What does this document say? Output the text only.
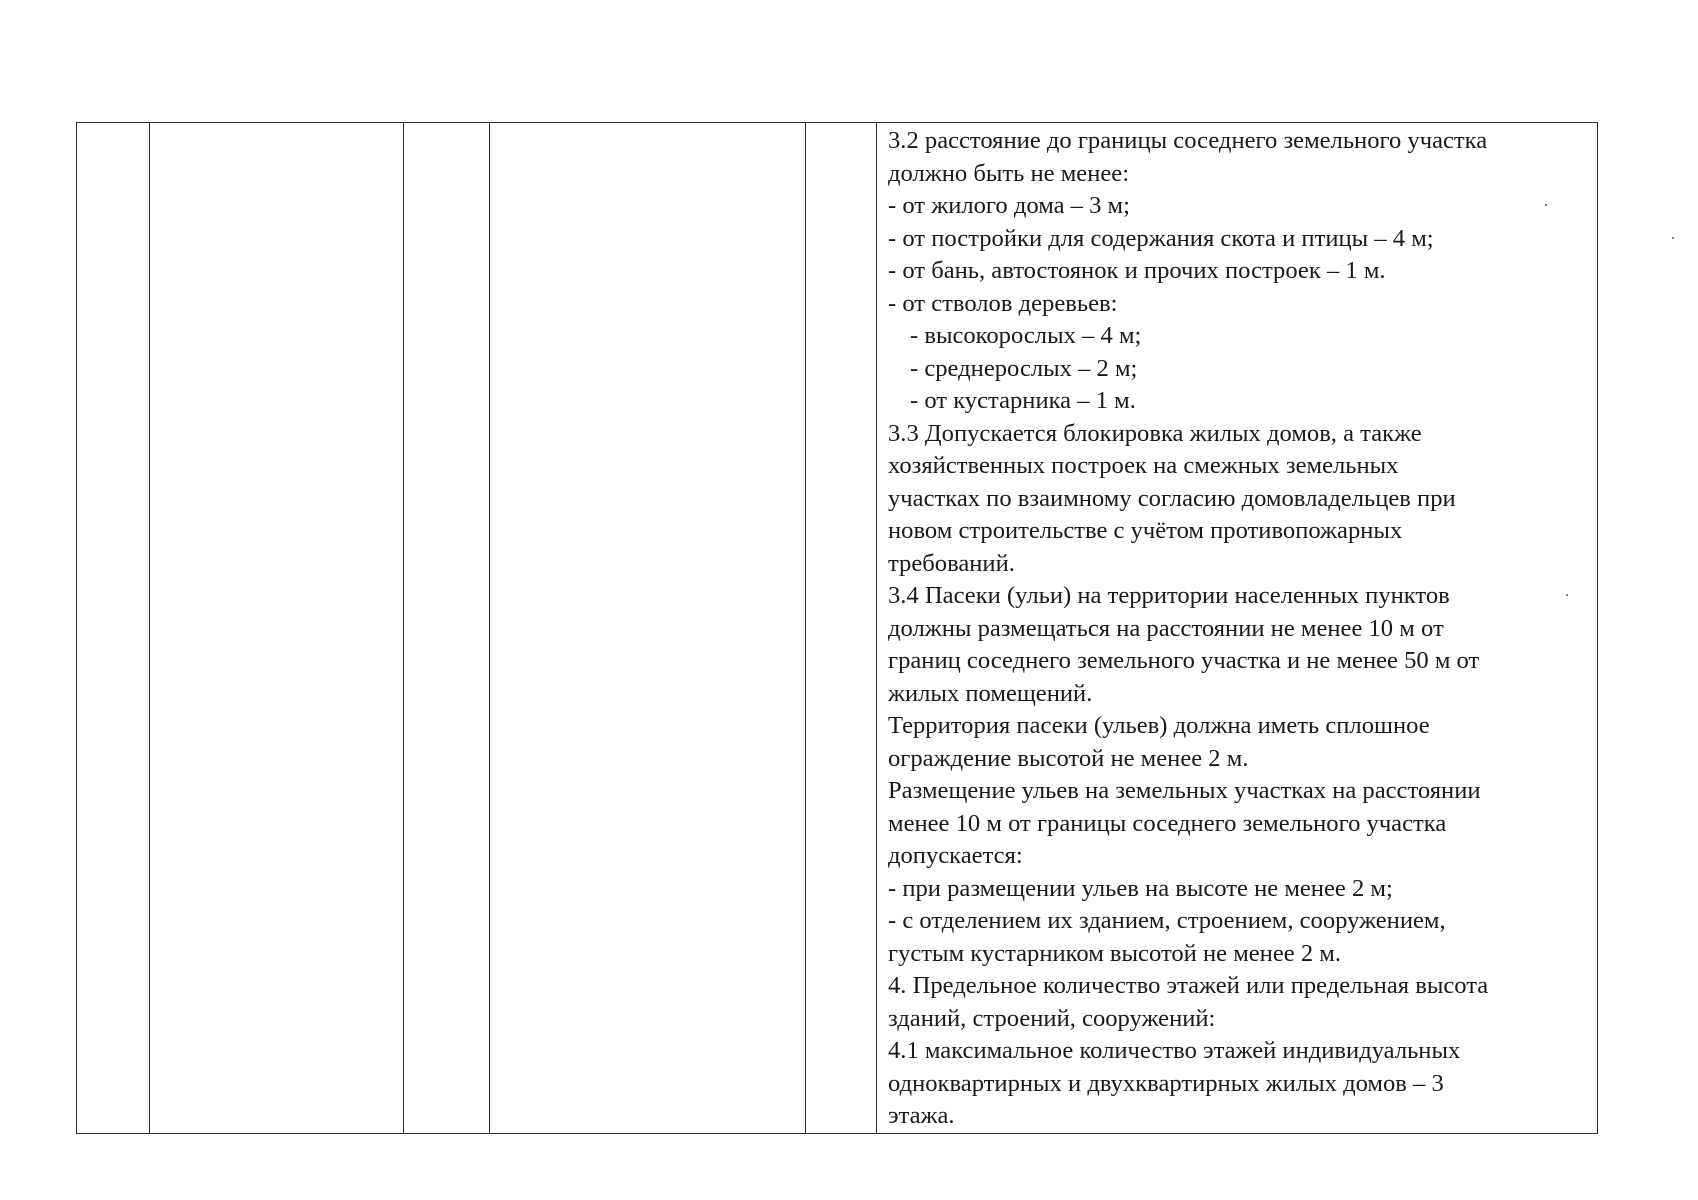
3.2 расстояние до границы соседнего земельного участка

должно быть не менее:

- от жилого дома – 3 м;

- от постройки для содержания скота и птицы – 4 м;

- от бань, автостоянок и прочих построек – 1 м.

- от стволов деревьев:

- высокорослых – 4 м;

- среднерослых – 2 м;

- от кустарника – 1 м.

3.3 Допускается блокировка жилых домов, а также

хозяйственных построек на смежных земельных

участках по взаимному согласию домовладельцев при

новом строительстве с учётом противопожарных

требований.

3.4 Пасеки (ульи) на территории населенных пунктов

должны размещаться на расстоянии не менее 10 м от

границ соседнего земельного участка и не менее 50 м от

жилых помещений.

Территория пасеки (ульев) должна иметь сплошное

ограждение высотой не менее 2 м.

Размещение ульев на земельных участках на расстоянии

менее 10 м от границы соседнего земельного участка

допускается:

- при размещении ульев на высоте не менее 2 м;

- с отделением их зданием, строением, сооружением,

густым кустарником высотой не менее 2 м.

4. Предельное количество этажей или предельная высота

зданий, строений, сооружений:

4.1 максимальное количество этажей индивидуальных

одноквартирных и двухквартирных жилых домов – 3

этажа.
